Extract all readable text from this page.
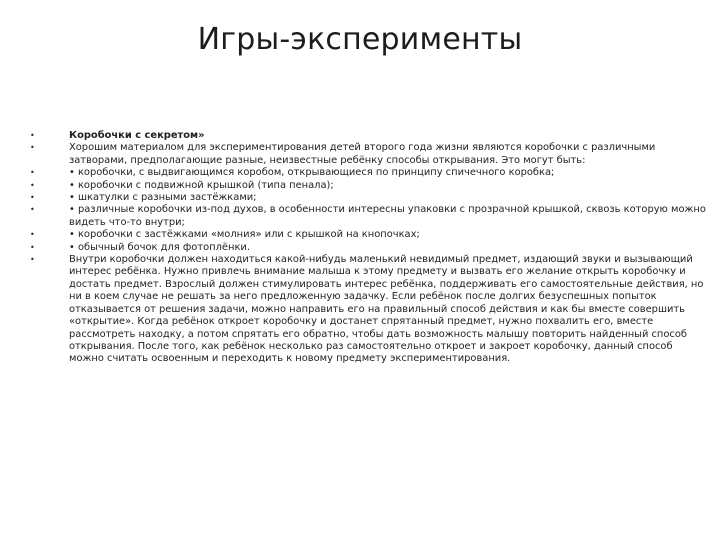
Игры-эксперименты
•	Коробочки с секретом»
•	Хорошим материалом для экспериментирования детей второго года жизни являются коробочки с различными затворами, предполагающие разные, неизвестные ребёнку способы открывания. Это могут быть:
•	• коробочки, с выдвигающимся коробом, открывающиеся по принципу спичечного коробка;
•	• коробочки с подвижной крышкой (типа пенала);
•	• шкатулки с разными застёжками;
•	• различные коробочки из-под духов, в особенности интересны упаковки с прозрачной крышкой, сквозь которую можно видеть что-то внутри;
•	• коробочки с застёжками «молния» или с крышкой на кнопочках;
•	• обычный бочок для фотоплёнки.
•	Внутри коробочки должен находиться какой-нибудь маленький невидимый предмет, издающий звуки и вызывающий интерес ребёнка. Нужно привлечь внимание малыша к этому предмету и вызвать его желание открыть коробочку и достать предмет. Взрослый должен стимулировать интерес ребёнка, поддерживать его самостоятельные действия, но ни в коем случае не решать за него предложенную задачку. Если ребёнок после долгих безуспешных попыток отказывается от решения задачи, можно направить его на правильный способ действия и как бы вместе совершить «открытие». Когда ребёнок откроет коробочку и достанет спрятанный предмет, нужно похвалить его, вместе рассмотреть находку, а потом спрятать его обратно, чтобы дать возможность малышу повторить найденный способ открывания. После того, как ребёнок несколько раз самостоятельно откроет и закроет коробочку, данный способ можно считать освоенным и переходить к новому предмету экспериментирования.
